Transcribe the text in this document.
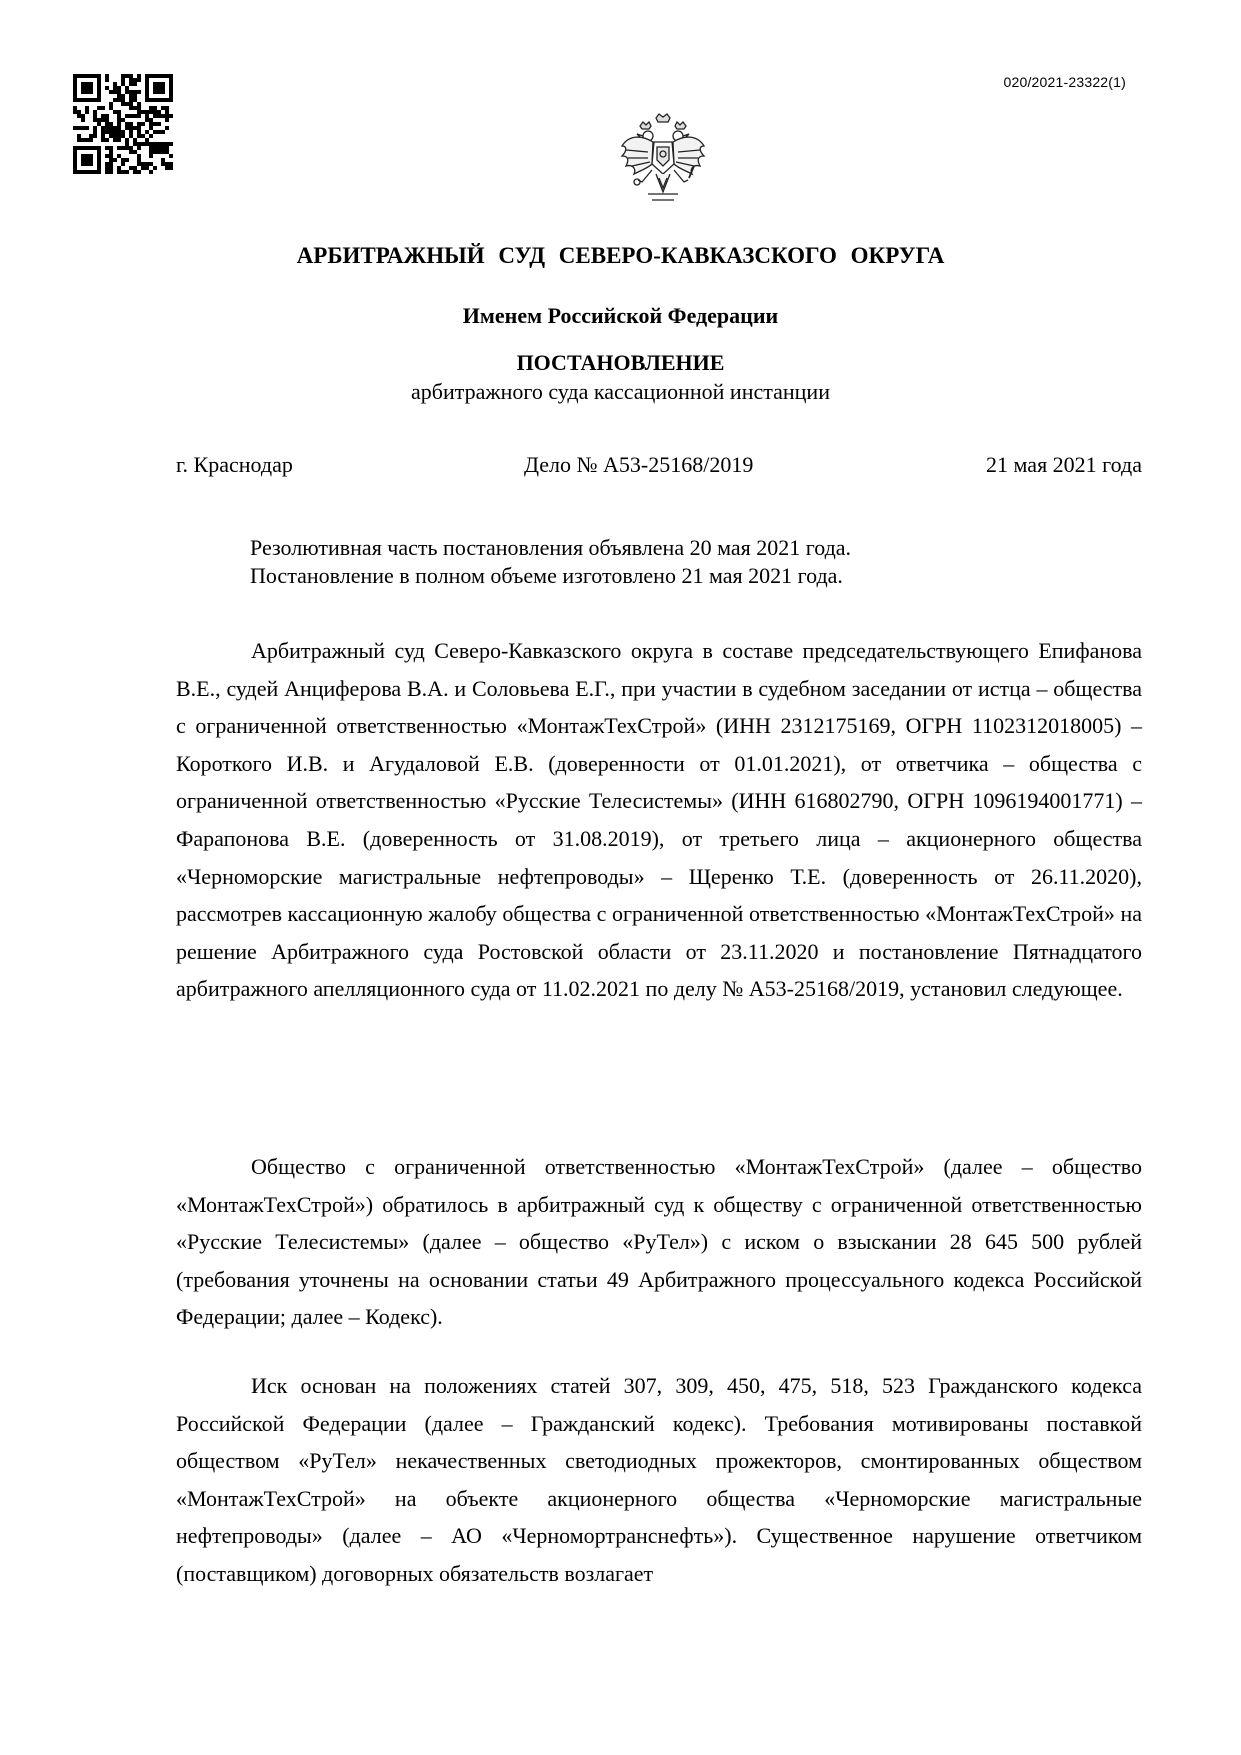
020/2021-23322(1)
АРБИТРАЖНЫЙ СУД СЕВЕРО-КАВКАЗСКОГО ОКРУГА
Именем Российской Федерации
ПОСТАНОВЛЕНИЕ
арбитражного суда кассационной инстанции
г. Краснодар	Дело № А53-25168/2019	21 мая 2021 года

Резолютивная часть постановления объявлена 20 мая 2021 года.

Постановление в полном объеме изготовлено 21 мая 2021 года.

Арбитражный суд Северо-Кавказского округа в составе председательствующего Епифанова В.Е., судей Анциферова В.А. и Соловьева Е.Г., при участии в судебном заседании от истца – общества с ограниченной ответственностью «МонтажТехСтрой» (ИНН 2312175169, ОГРН 1102312018005) – Короткого И.В. и Агудаловой Е.В. (доверенности от 01.01.2021), от ответчика – общества с ограниченной ответственностью «Русские Телесистемы» (ИНН 616802790, ОГРН 1096194001771) – Фарапонова В.Е. (доверенность от 31.08.2019), от третьего лица – акционерного общества «Черноморские магистральные нефтепроводы» – Щеренко Т.Е. (доверенность от 26.11.2020), рассмотрев кассационную жалобу общества с ограниченной ответственностью «МонтажТехСтрой» на решение Арбитражного суда Ростовской области от 23.11.2020 и постановление Пятнадцатого арбитражного апелляционного суда от 11.02.2021 по делу № А53-25168/2019, установил следующее.

Общество с ограниченной ответственностью «МонтажТехСтрой» (далее – общество «МонтажТехСтрой») обратилось в арбитражный суд к обществу с ограниченной ответственностью «Русские Телесистемы» (далее – общество «РуТел») с иском о взыскании 28 645 500 рублей (требования уточнены на основании статьи 49 Арбитражного процессуального кодекса Российской Федерации; далее – Кодекс).

Иск основан на положениях статей 307, 309, 450, 475, 518, 523 Гражданского кодекса Российской Федерации (далее – Гражданский кодекс). Требования мотивированы поставкой обществом «РуТел» некачественных светодиодных прожекторов, смонтированных обществом «МонтажТехСтрой» на объекте акционерного общества «Черноморские магистральные нефтепроводы» (далее – АО «Черномортранснефть»). Существенное нарушение ответчиком (поставщиком) договорных обязательств возлагает
